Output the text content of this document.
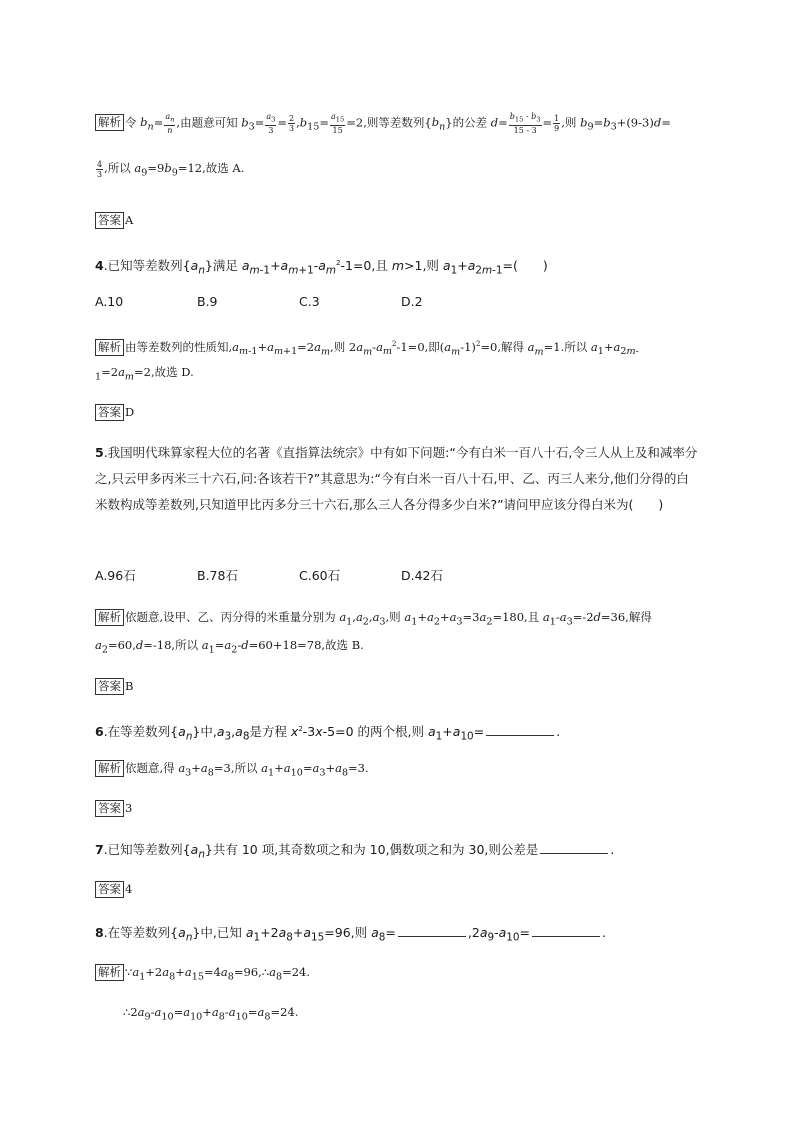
解析 令 $b_n= \frac{a_n}{n}$ ,由题意可知 $b_3= \frac{a_3}{3} = \frac{2}{3} ,b_{15}= \frac{a_{15}}{15} =2$,则等差数列$\{b_n\}$的公差 $d= \frac{b_{15} - b_3}{15 - 3} = \frac{1}{9}$ ,则 $b_9=b_3+(9-3)d=$
$\frac{4}{3}$ ,所以 $a_9=9b_9=12$,故选 A.
答案 A
4.已知等差数列$\{a_n\}$满足 $a_{m-1}+a_{m+1}-a_m^2-1=0$,且 m>1,则 $a_1+a_{2m-1}=$(　　)
A.10	B.9	C.3	D.2
解析 由等差数列的性质知$,a_{m-1}+a_{m+1}=2a_m$,则 $2a_m-a_m^2-1=0$,即$(a_m-1)^2=0$,解得 $a_m=1$.所以 $a_1+a_{2m-}$
$_1=2a_m=2$,故选 D.
答案 D
5.我国明代珠算家程大位的名著《直指算法统宗》中有如下问题:“今有白米一百八十石,令三人从上及和减率分之,只云甲多丙米三十六石,问:各该若干?”其意思为:“今有白米一百八十石,甲、乙、丙三人来分,他们分得的白米数构成等差数列,只知道甲比丙多分三十六石,那么三人各分得多少白米?”请问甲应该分得白米为(　　)
A.96石	B.78石	C.60石	D.42石
解析 依题意,设甲、乙、丙分得的米重量分别为 $a_1,a_2,a_3$,则 $a_1+a_2+a_3=3a_2=180$,且 $a_1-a_3=-2d=36$,解得
$a_2=60,d=-18$,所以 $a_1=a_2-d=60+18=78$,故选 B.
答案 B
6.在等差数列$\{a_n\}$中$,a_3,a_8$是方程 $x^2-3x-5=0$ 的两个根,则 $a_1+a_{10}=$	.
解析 依题意,得 $a_3+a_8=3$,所以 $a_1+a_{10}=a_3+a_8=3$.
答案 3
7.已知等差数列$\{a_n\}$共有 10 项,其奇数项之和为 10,偶数项之和为 30,则公差是	.
答案 4
8.在等差数列$\{a_n\}$中,已知 $a_1+2a_8+a_{15}=96$,则 $a_8=$	$,2a_9-a_{10}=$	.
解析 $\because a_1+2a_8+a_{15}=4a_8=96,\therefore a_8=24$.
$\therefore 2a_9-a_{10}=a_{10}+a_8-a_{10}=a_8=24$.
